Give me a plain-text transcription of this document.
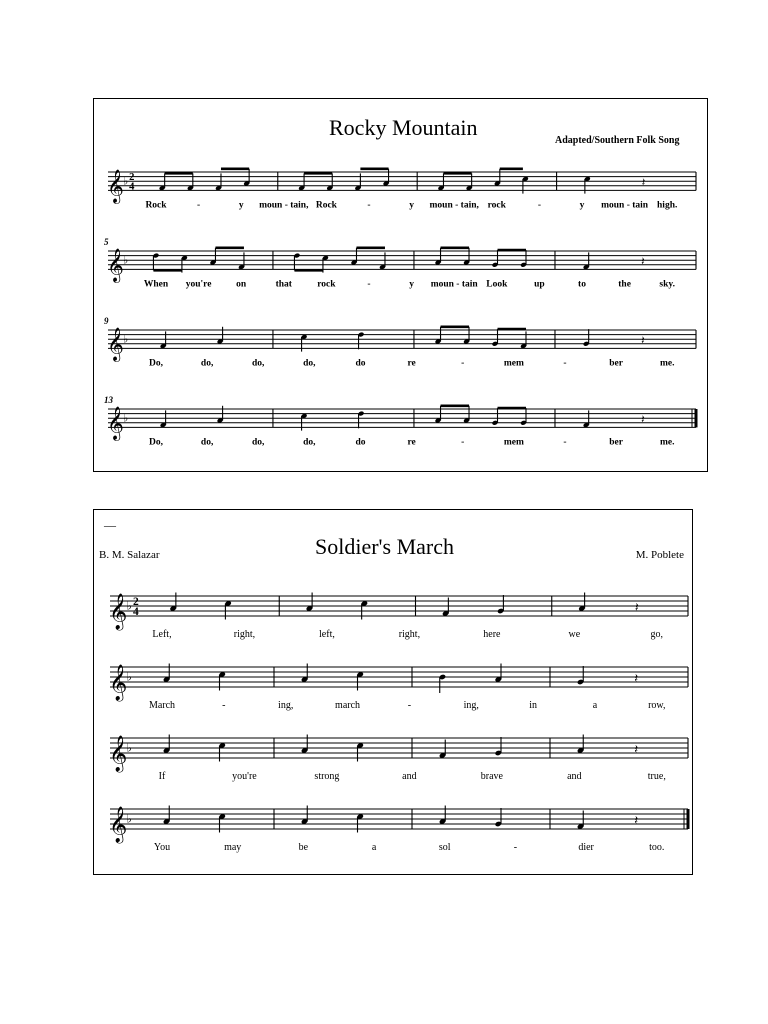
Rocky Mountain
Adapted/Southern Folk Song
𝄞 ♭ 2
4	𝄽
Rock	-	y moun - tain, Rock	-	y moun - tain, rock	-	y moun - tain high.
𝄞 ♭
5
𝄽
When you're	on	that	rock	-	y moun - tain Look	up	to	the	sky.
𝄞 ♭
9
𝄽
Do,	do,	do,	do,	do	re	-	mem	-	ber	me.
𝄞 ♭
13
𝄽
Do,	do,	do,	do,	do	re	-	mem	-	ber	me.
—
B. M. Salazar	Soldier's March	M. Poblete
𝄞 ♭ 2
4	𝄽
Left,	right,	left,	right,	here	we	go,
𝄞 ♭	𝄽
March	-	ing,	march	-	ing,	in	a	row,
𝄞 ♭	𝄽
If	you're	strong	and	brave	and	true,
𝄞 ♭	𝄽
You	may	be	a	sol	-	dier	too.
